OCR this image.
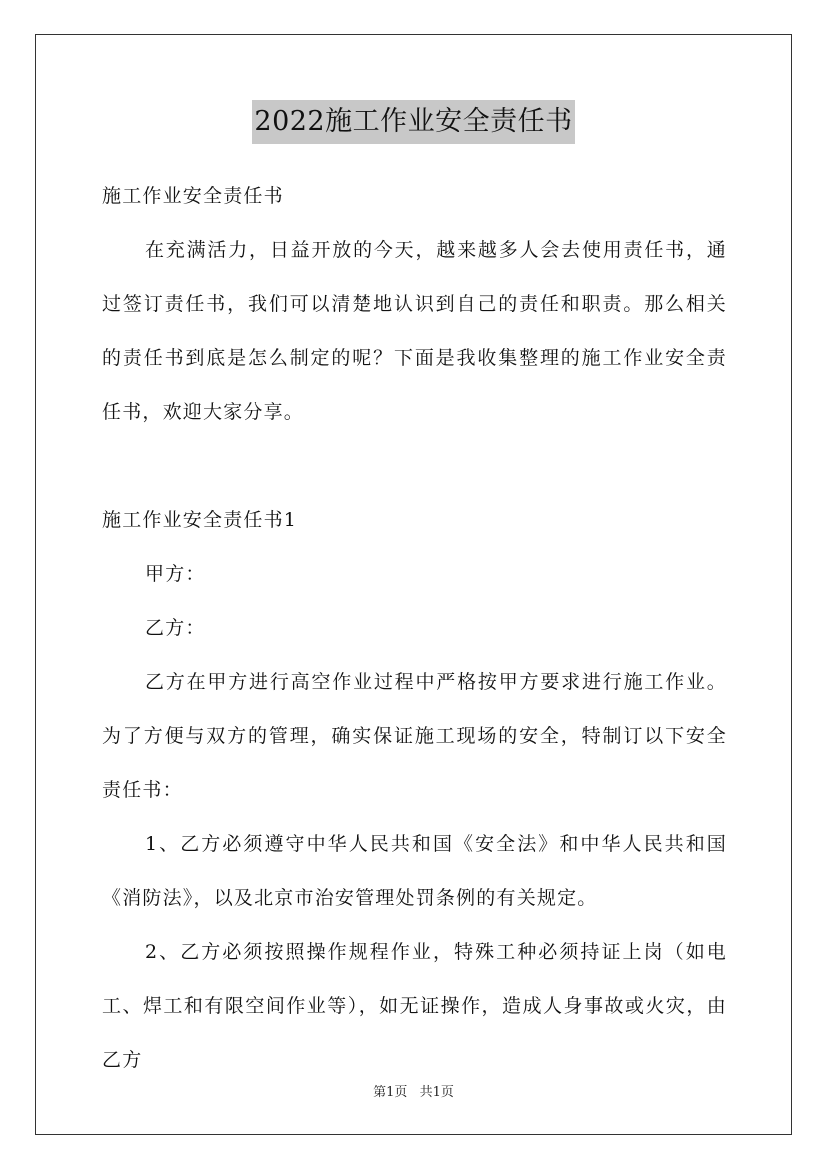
2022施工作业安全责任书

施工作业安全责任书

在充满活力，日益开放的今天，越来越多人会去使用责任书，通过签订责任书，我们可以清楚地认识到自己的责任和职责。那么相关的责任书到底是怎么制定的呢？下面是我收集整理的施工作业安全责任书，欢迎大家分享。

施工作业安全责任书1

甲方：

乙方：

乙方在甲方进行高空作业过程中严格按甲方要求进行施工作业。为了方便与双方的管理，确实保证施工现场的安全，特制订以下安全责任书：

1、乙方必须遵守中华人民共和国《安全法》和中华人民共和国《消防法》，以及北京市治安管理处罚条例的有关规定。

2、乙方必须按照操作规程作业，特殊工种必须持证上岗（如电工、焊工和有限空间作业等），如无证操作，造成人身事故或火灾，由乙方

第1页 共1页
